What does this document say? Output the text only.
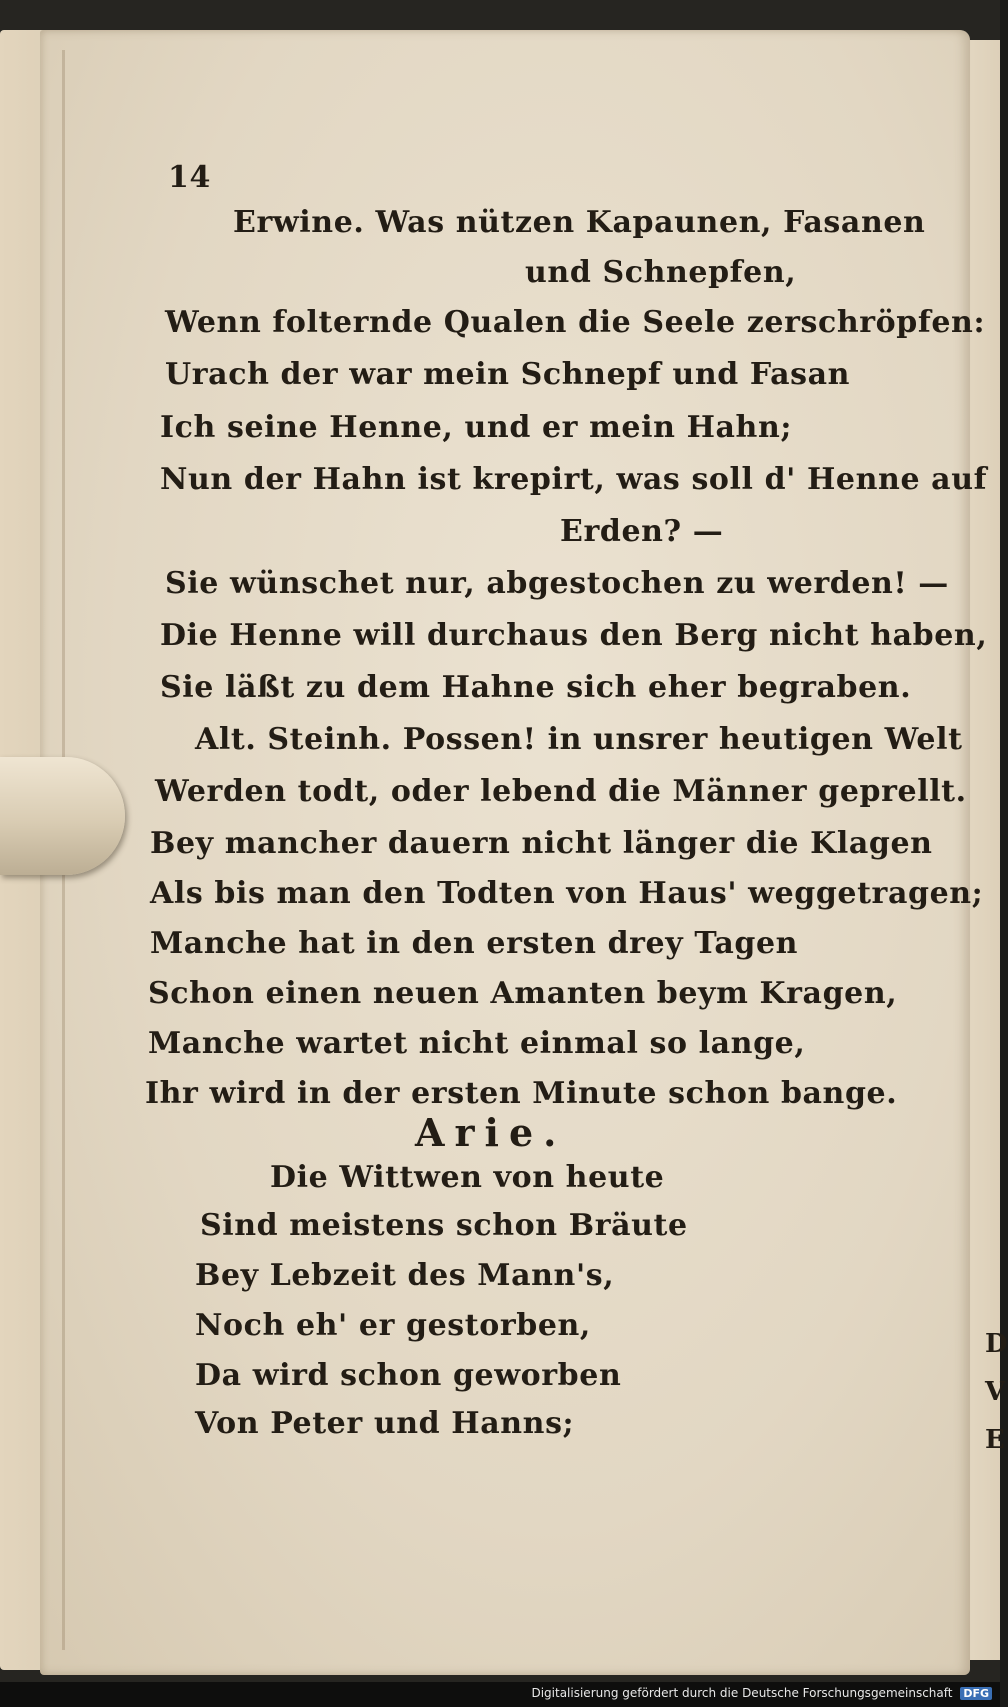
D
V
E
14
Erwine. Was nützen Kapaunen, Fasanen
und Schnepfen,
Wenn folternde Qualen die Seele zerschröpfen:
Urach der war mein Schnepf und Fasan
Ich seine Henne, und er mein Hahn;
Nun der Hahn ist krepirt, was soll d' Henne auf
Erden? —
Sie wünschet nur, abgestochen zu werden! —
Die Henne will durchaus den Berg nicht haben,
Sie läßt zu dem Hahne sich eher begraben.
Alt. Steinh. Possen! in unsrer heutigen Welt
Werden todt, oder lebend die Männer geprellt.
Bey mancher dauern nicht länger die Klagen
Als bis man den Todten von Haus' weggetragen;
Manche hat in den ersten drey Tagen
Schon einen neuen Amanten beym Kragen,
Manche wartet nicht einmal so lange,
Ihr wird in der ersten Minute schon bange.
Arie.
Die Wittwen von heute
Sind meistens schon Bräute
Bey Lebzeit des Mann's,
Noch eh' er gestorben,
Da wird schon geworben
Von Peter und Hanns;
Digitalisierung gefördert durch die Deutsche Forschungsgemeinschaft DFG
